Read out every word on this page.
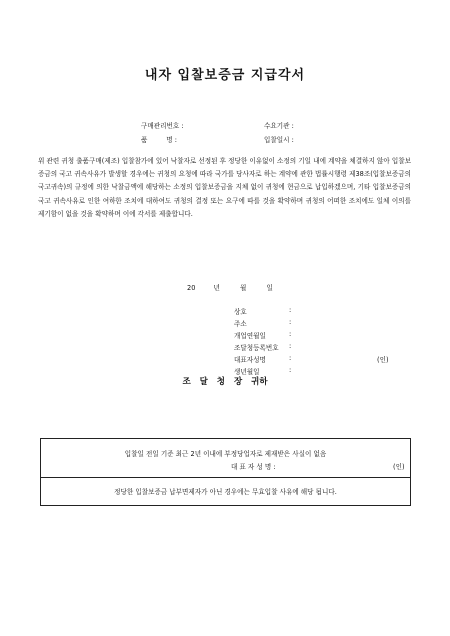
내자 입찰보증금 지급각서
구매관리번호 :	수요기관 :
품         명 :	입찰일시 :
위 관련 귀청 출품구매(제조) 입찰참가에 있어 낙찰자로 선정된 후 정당한 이유없이 소정의 기일 내에 계약을 체결하지 않아 입찰보증금의 국고 귀속사유가 발생할 경우에는 귀청의 요청에 따라 국가를 당사자로 하는 계약에 관한 법률시행령 제38조(입찰보증금의 국고귀속)의 규정에 의한 낙찰금액에 해당하는 소정의 입찰보증금을 지체 없이 귀청에 현금으로 납입하겠으며, 기타 입찰보증금의 국고 귀속사유로 인한 여하한 조치에 대하여도 귀청의 결정 또는 요구에 따를 것을 확약하며 귀청의 어떠한 조치에도 일체 이의를 제기함이 없을 것을 확약하며 이에 각서를 제출합니다.
20	년	월	일
상호	:
주소	:
개업연월일	:
조달청등록번호	:
대표자성명	:	(인)
생년월일	:
조 달 청 장 귀하
입찰일 전일 기준 최근 2년 이내에 부정당업자로 제재받은 사실이 없음
대 표 자 성 명 :	(인)
정당한 입찰보증금 납부면제자가 아닌 경우에는 무효입찰 사유에 해당 됩니다.
